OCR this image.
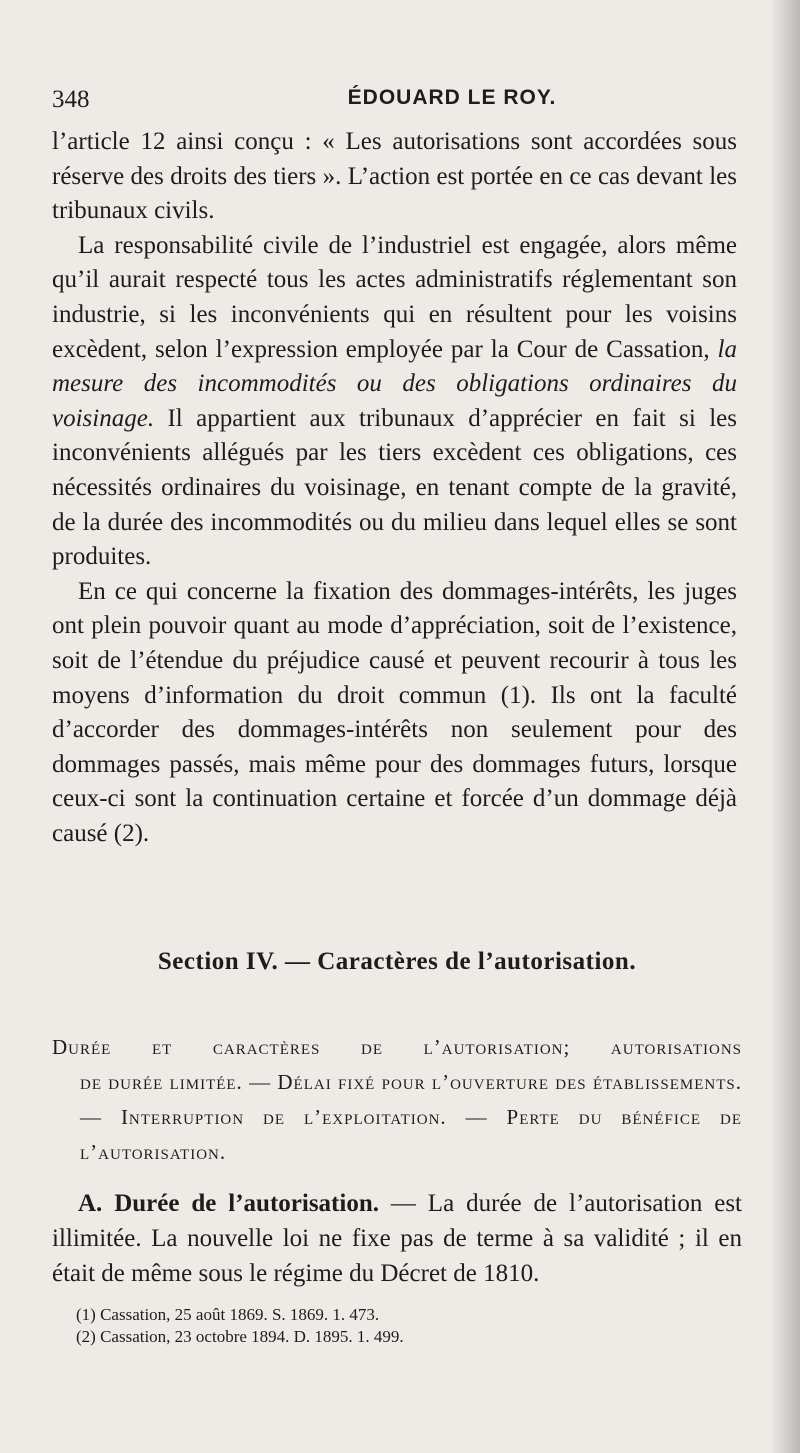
348	ÉDOUARD LE ROY.

l’article 12 ainsi conçu : « Les autorisations sont accordées sous réserve des droits des tiers ». L’action est portée en ce cas devant les tribunaux civils.

La responsabilité civile de l’industriel est engagée, alors même qu’il aurait respecté tous les actes administratifs réglementant son industrie, si les inconvénients qui en résultent pour les voisins excèdent, selon l’expression employée par la Cour de Cassation, la mesure des incommodités ou des obligations ordinaires du voisinage. Il appartient aux tribunaux d’apprécier en fait si les inconvénients allégués par les tiers excèdent ces obligations, ces nécessités ordinaires du voisinage, en tenant compte de la gravité, de la durée des incommodités ou du milieu dans lequel elles se sont produites.

En ce qui concerne la fixation des dommages-intérêts, les juges ont plein pouvoir quant au mode d’appréciation, soit de l’existence, soit de l’étendue du préjudice causé et peuvent recourir à tous les moyens d’information du droit commun (1). Ils ont la faculté d’accorder des dommages-intérêts non seulement pour des dommages passés, mais même pour des dommages futurs, lorsque ceux-ci sont la continuation certaine et forcée d’un dommage déjà causé (2).

Section IV. — Caractères de l’autorisation.
Durée et caractères de l’autorisation; autorisations
de durée limitée. — Délai fixé pour l’ouverture des établissements. — Interruption de l’exploitation. — Perte du bénéfice de l’autorisation.

A. Durée de l’autorisation. — La durée de l’autorisation est illimitée. La nouvelle loi ne fixe pas de terme à sa validité ; il en était de même sous le régime du Décret de 1810.

(1) Cassation, 25 août 1869. S. 1869. 1. 473.
(2) Cassation, 23 octobre 1894. D. 1895. 1. 499.
